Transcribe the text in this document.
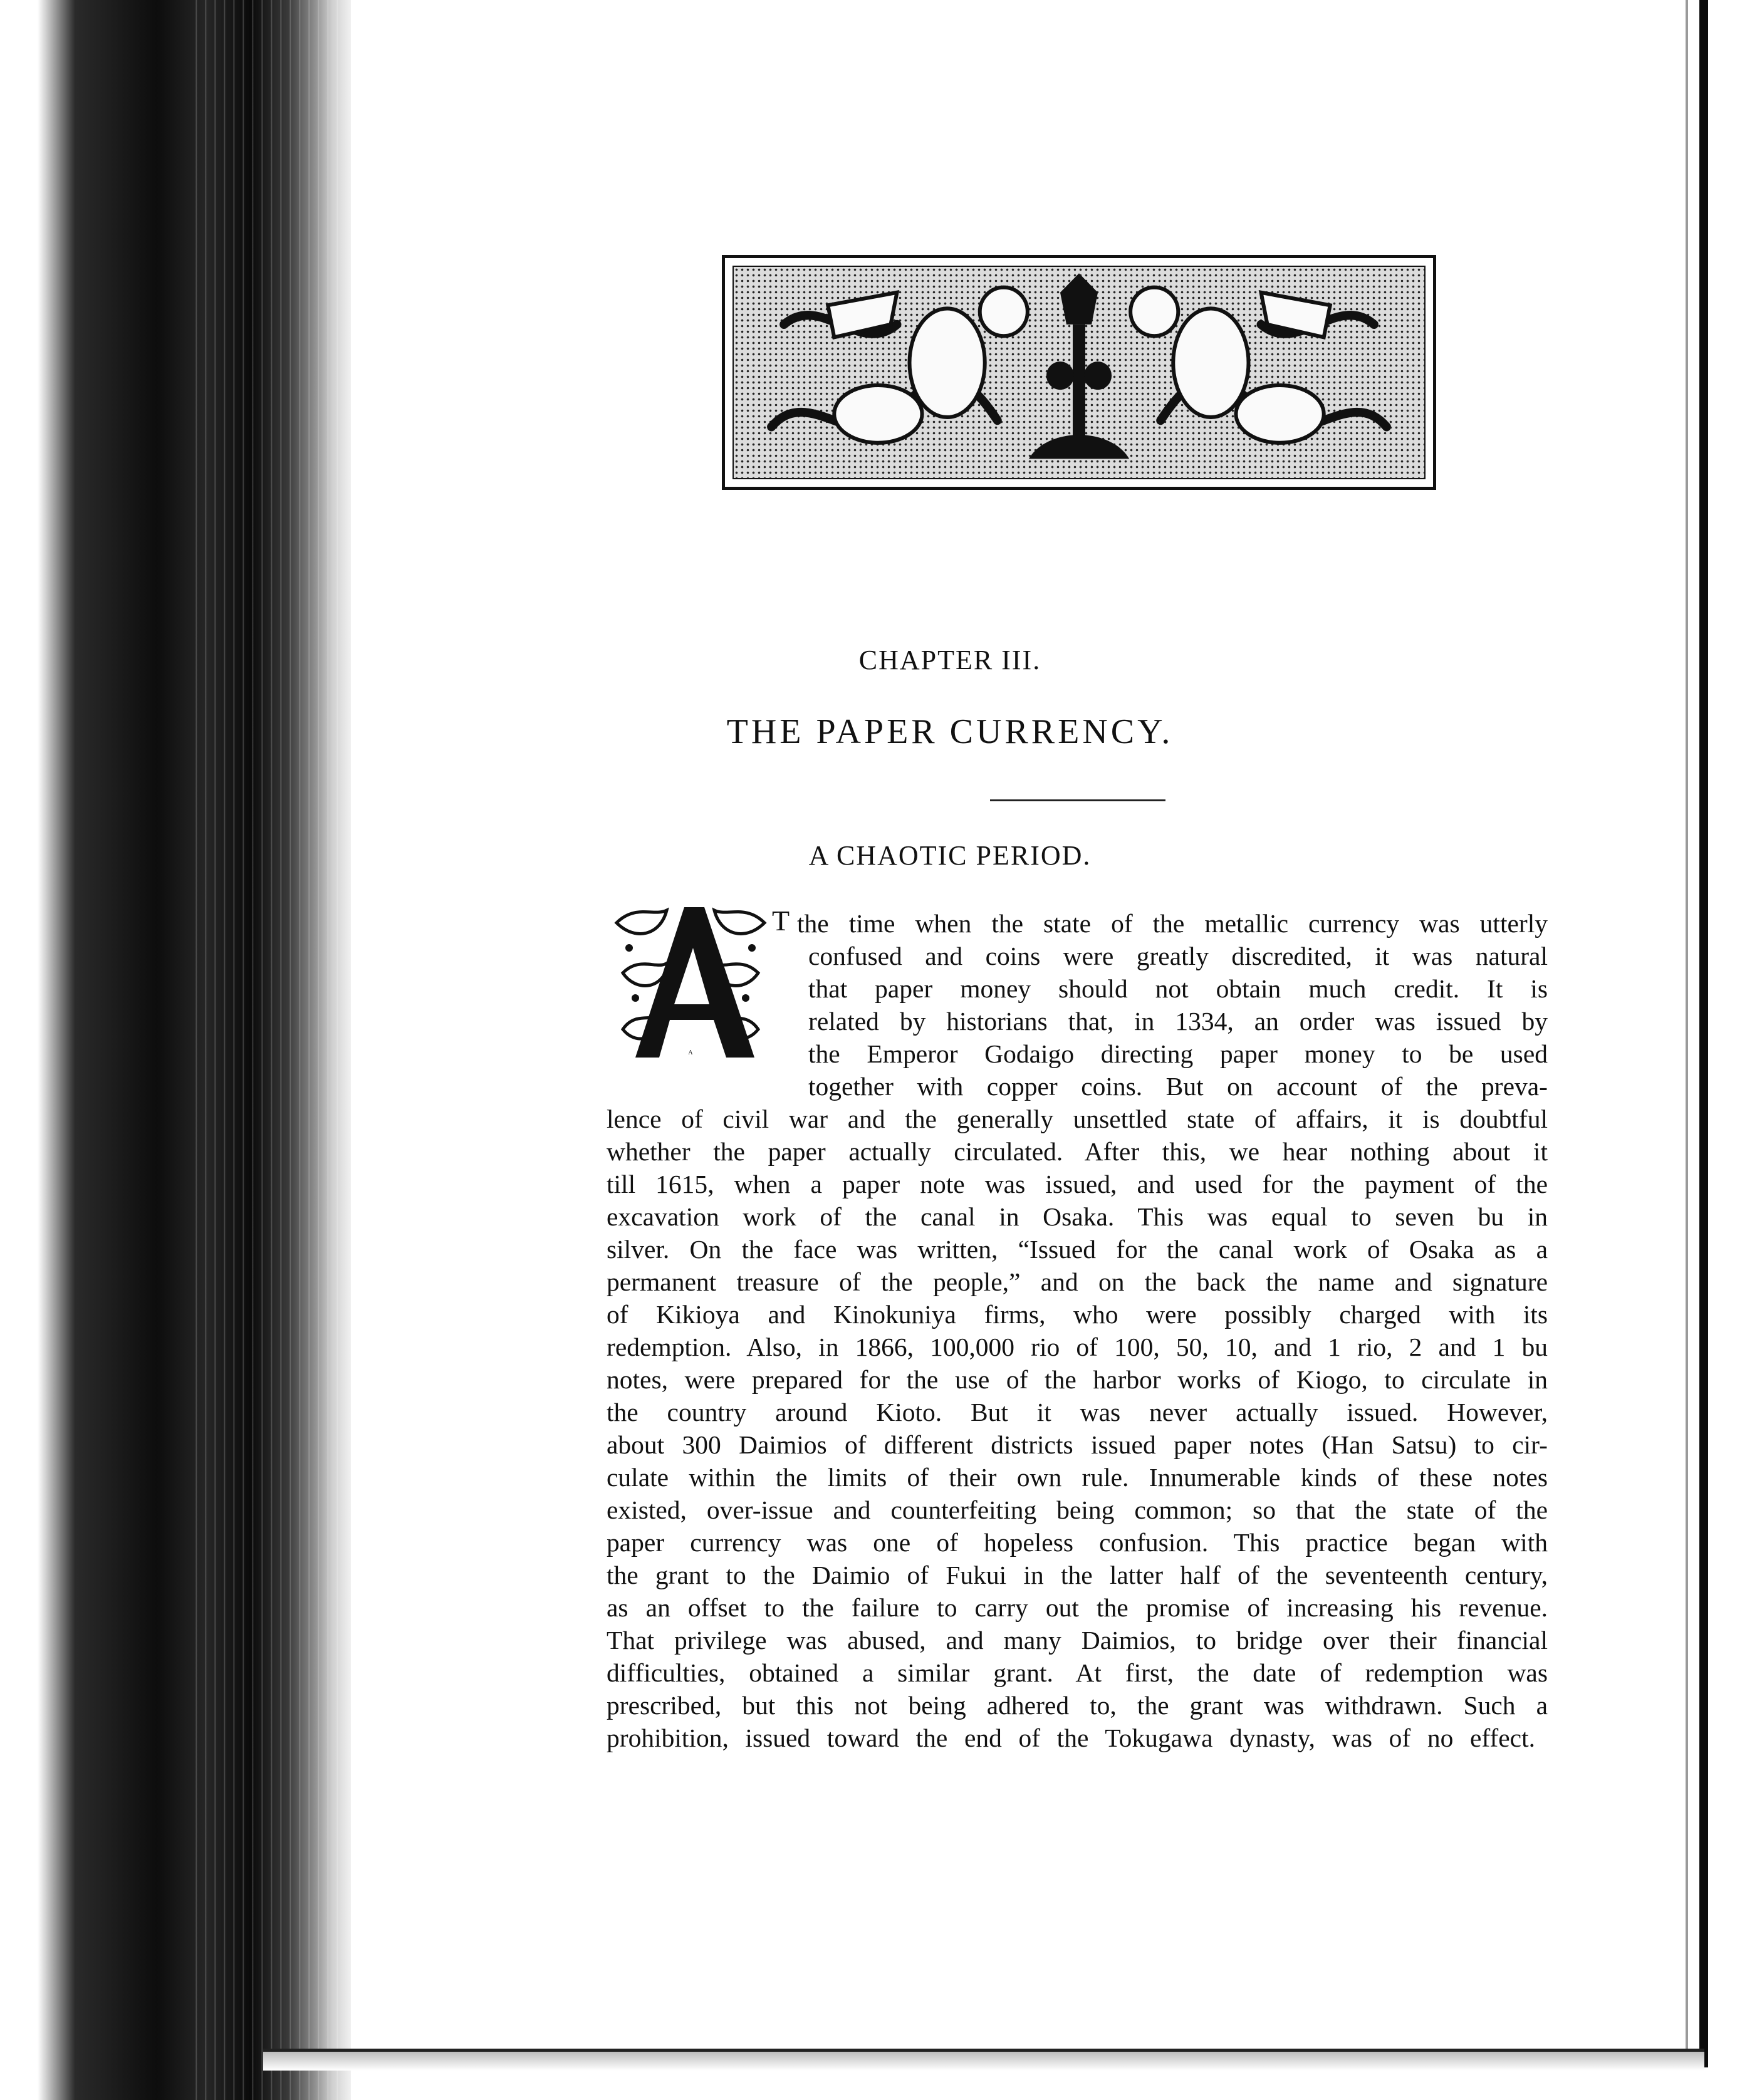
CHAPTER III.
THE PAPER CURRENCY.
A CHAOTIC PERIOD.
A
T the time when the state of the metallic currency was utterly
confused and coins were greatly discredited, it was natural
that paper money should not obtain much credit. It is
related by historians that, in 1334, an order was issued by
the Emperor Godaigo directing paper money to be used
together with copper coins. But on account of the preva-
lence of civil war and the generally unsettled state of affairs, it is doubtful
whether the paper actually circulated. After this, we hear nothing about it
till 1615, when a paper note was issued, and used for the payment of the
excavation work of the canal in Osaka. This was equal to seven bu in
silver. On the face was written, “Issued for the canal work of Osaka as a
permanent treasure of the people,” and on the back the name and signature
of Kikioya and Kinokuniya firms, who were possibly charged with its
redemption. Also, in 1866, 100,000 rio of 100, 50, 10, and 1 rio, 2 and 1 bu
notes, were prepared for the use of the harbor works of Kiogo, to circulate in
the country around Kioto. But it was never actually issued. However,
about 300 Daimios of different districts issued paper notes (Han Satsu) to cir-
culate within the limits of their own rule. Innumerable kinds of these notes
existed, over-issue and counterfeiting being common; so that the state of the
paper currency was one of hopeless confusion. This practice began with
the grant to the Daimio of Fukui in the latter half of the seventeenth century,
as an offset to the failure to carry out the promise of increasing his revenue.
That privilege was abused, and many Daimios, to bridge over their financial
difficulties, obtained a similar grant. At first, the date of redemption was
prescribed, but this not being adhered to, the grant was withdrawn. Such a
prohibition, issued toward the end of the Tokugawa dynasty, was of no effect.
